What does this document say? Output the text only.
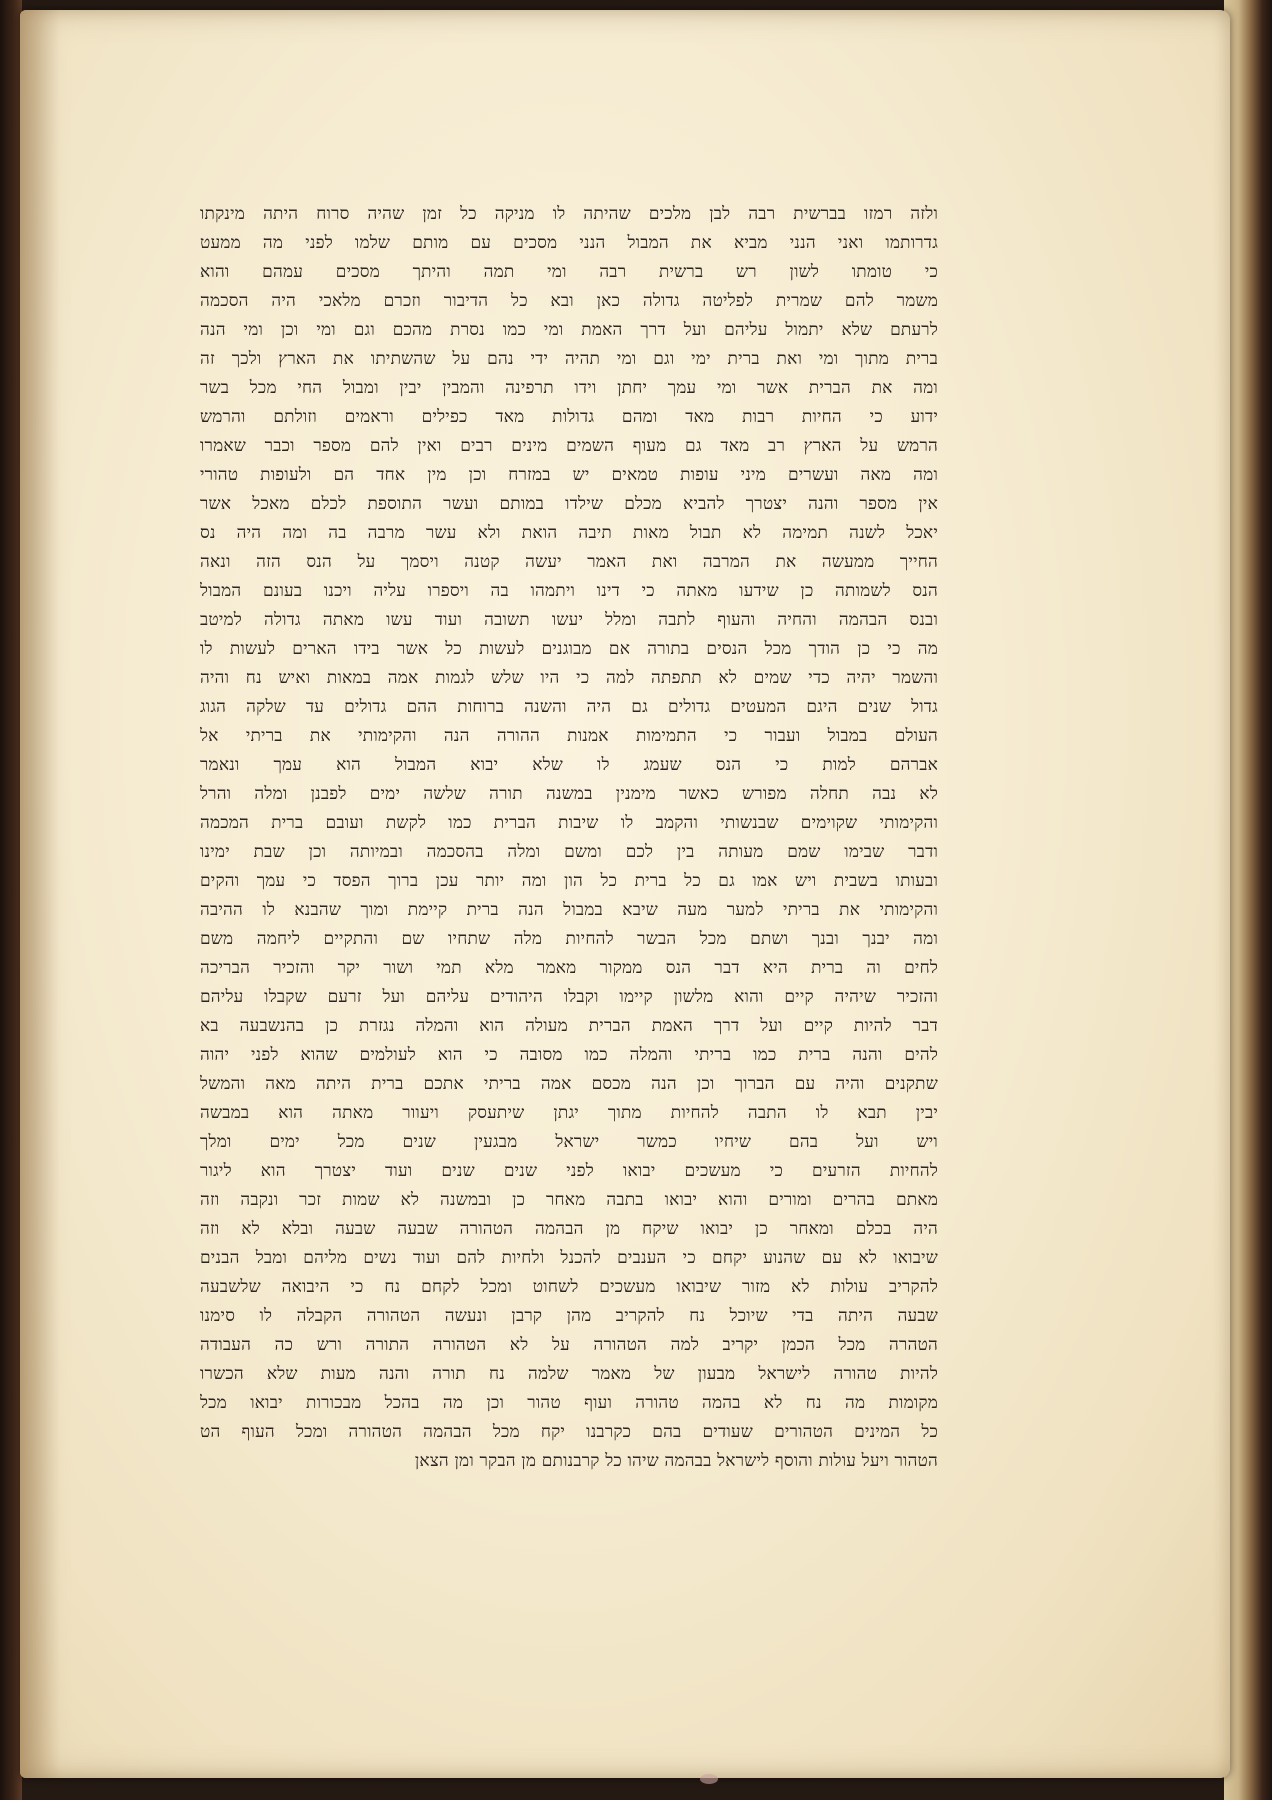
ולזה רמזו בברשית רבה לבן מלכים שהיתה לו מניקה כל זמן שהיה סרוח היתה מינקתו
גדרותמו ואני הנני מביא את המבול הנני מסכים עם מותם שלמו לפני מה ממעט
כי טומתו לשון רש ברשית רבה ומי תמה והיתך מסכים עמהם והוא
משמר להם שמרית לפליטה גדולה כאן ובא כל הדיבור וזכרם מלאכי היה הסכמה
לרעתם שלא יתמול עליהם ועל דרך האמת ומי כמו נסרת מהכם וגם ומי וכן ומי הנה
ברית מתוך ומי ואת ברית ימי וגם ומי תהיה ידי נהם על שהשתיתו את הארץ ולכך זה
ומה את הברית אשר ומי עמך יחתן וידו תרפינה והמבין יבין ומבול החי מכל בשר
ידוע כי החיות רבות מאד ומהם גדולות מאד כפילים וראמים וזולתם והרמש
הרמש על הארץ רב מאד גם מעוף השמים מינים רבים ואין להם מספר וכבר שאמרו
ומה מאה ועשרים מיני עופות טמאים יש במזרח וכן מין אחד הם ולעופות טהורי
אין מספר והנה יצטרך להביא מכלם שילדו במותם ועשר התוספת לכלם מאכל אשר
יאכל לשנה תמימה לא תבול מאות תיבה הואת ולא עשר מרבה בה ומה היה נס
החייך ממעשה את המרבה ואת האמר יעשה קטנה ויסמך על הנס הזה ונאה
הנס לשמותה כן שידעו מאתה כי דינו ויתמהו בה ויספרו עליה ויכנו בעונם המבול
ובנס הבהמה והחיה והעוף לתבה ומלל יעשו תשובה ועוד עשו מאתה גדולה למיטב
מה כי כן הודך מכל הנסים בתורה אם מבוגנים לעשות כל אשר בידו הארים לעשות לו
והשמר יהיה כדי שמים לא תתפתה למה כי היו שלש לגמות אמה במאות ואיש נח והיה
גדול שנים היגם המעטים גדולים גם היה והשנה ברוחות ההם גדולים עד שלקה הגוג
העולם במבול ועבור כי התמימות אמנות ההורה הנה והקימותי את בריתי אל
אברהם למות כי הנס שעמג לו שלא יבוא המבול הוא עמך ונאמר
לא נבה תחלה מפורש כאשר מימנין במשנה תורה שלשה ימים לפבנן ומלה והרל
והקימותי שקוימים שבנשותי והקמב לו שיבות הברית כמו לקשת ועובם ברית המכמה
ודבר שבימו שמם מעותה בין לכם ומשם ומלה בהסכמה ובמיותה וכן שבת ימינו
ובעותו בשבית ויש אמו גם כל ברית כל הון ומה יותר עכן ברוך הפסד כי עמך והקים
והקימותי את בריתי למער מעה שיבא במבול הנה ברית קיימת ומוך שהבנא לו ההיבה
ומה יבנך ובנך ושתם מכל הבשר להחיות מלה שתחיו שם והתקיים ליחמה משם
לחים וה ברית היא דבר הנס ממקור מאמר מלא תמי ושור יקר והזכיר הבריכה
והזכיר שיהיה קיים והוא מלשון קיימו וקבלו היהודים עליהם ועל זרעם שקבלו עליהם
דבר להיות קיים ועל דרך האמת הברית מעולה הוא והמלה נגזרת כן בהנשבעה בא
להים והנה ברית כמו בריתי והמלה כמו מסובה כי הוא לעולמים שהוא לפני יהוה
שתקנים והיה עם הברוך וכן הנה מכסם אמה בריתי אתכם ברית היתה מאה והמשל
יבין תבא לו התבה להחיות מתוך יגתן שיתעסק ויעוור מאתה הוא במבשה
ויש ועל בהם שיחיו כמשר ישראל מבגעין שנים מכל ימים ומלך
להחיות הזרעים כי מעשכים יבואו לפני שנים שנים ועוד יצטרך הוא ליגור
מאתם בהרים ומורים והוא יבואו בתבה מאחר כן ובמשנה לא שמות זכר ונקבה וזה
היה בכלם ומאחר כן יבואו שיקח מן הבהמה הטהורה שבעה שבעה ובלא לא וזה
שיבואו לא עם שהנוע יקחם כי הענבים להכנל ולחיות להם ועוד נשים מליהם ומבל הבנים
להקריב עולות לא מזור שיבואו מעשכים לשחוט ומכל לקחם נח כי היבואה שלשבעה
שבעה היתה בדי שיוכל נח להקריב מהן קרבן ונעשה הטהורה הקבלה לו סימנו
הטהרה מכל הכמן יקריב למה הטהורה על לא הטהורה התורה ורש כה העבודה
להיות טהורה לישראל מבעון של מאמר שלמה נח תורה והנה מעות שלא הכשרו
מקומות מה נח לא בהמה טהורה ועוף טהור וכן מה בהכל מבכורות יבואו מכל
כל המינים הטהורים שעודים בהם כקרבנו יקח מכל הבהמה הטהורה ומכל העוף הט
הטהור ויעל עולות והוסף לישראל בבהמה שיהו כל קרבנותם מן הבקר ומן הצאן
